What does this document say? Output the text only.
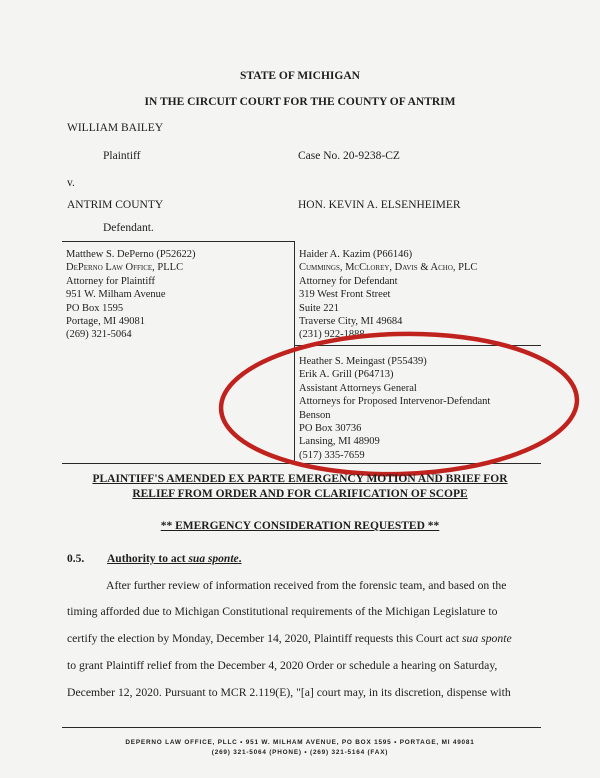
STATE OF MICHIGAN
IN THE CIRCUIT COURT FOR THE COUNTY OF ANTRIM
WILLIAM BAILEY
Plaintiff	Case No. 20-9238-CZ
v.
ANTRIM COUNTY	HON. KEVIN A. ELSENHEIMER
Defendant.
Matthew S. DePerno (P52622)
DePerno Law Office, PLLC
Attorney for Plaintiff
951 W. Milham Avenue
PO Box 1595
Portage, MI 49081
(269) 321-5064
Haider A. Kazim (P66146)
Cummings, McClorey, Davis & Acho, PLC
Attorney for Defendant
319 West Front Street
Suite 221
Traverse City, MI 49684
(231) 922-1888
Heather S. Meingast (P55439)
Erik A. Grill (P64713)
Assistant Attorneys General
Attorneys for Proposed Intervenor-Defendant
Benson
PO Box 30736
Lansing, MI 48909
(517) 335-7659
PLAINTIFF'S AMENDED EX PARTE EMERGENCY MOTION AND BRIEF FOR
RELIEF FROM ORDER AND FOR CLARIFICATION OF SCOPE
** EMERGENCY CONSIDERATION REQUESTED **
0.5. Authority to act sua sponte.
After further review of information received from the forensic team, and based on the
timing afforded due to Michigan Constitutional requirements of the Michigan Legislature to
certify the election by Monday, December 14, 2020, Plaintiff requests this Court act sua sponte
to grant Plaintiff relief from the December 4, 2020 Order or schedule a hearing on Saturday,
December 12, 2020. Pursuant to MCR 2.119(E), "[a] court may, in its discretion, dispense with
DEPERNO LAW OFFICE, PLLC • 951 W. MILHAM AVENUE, PO BOX 1595 • PORTAGE, MI 49081
(269) 321-5064 (PHONE) • (269) 321-5164 (FAX)
